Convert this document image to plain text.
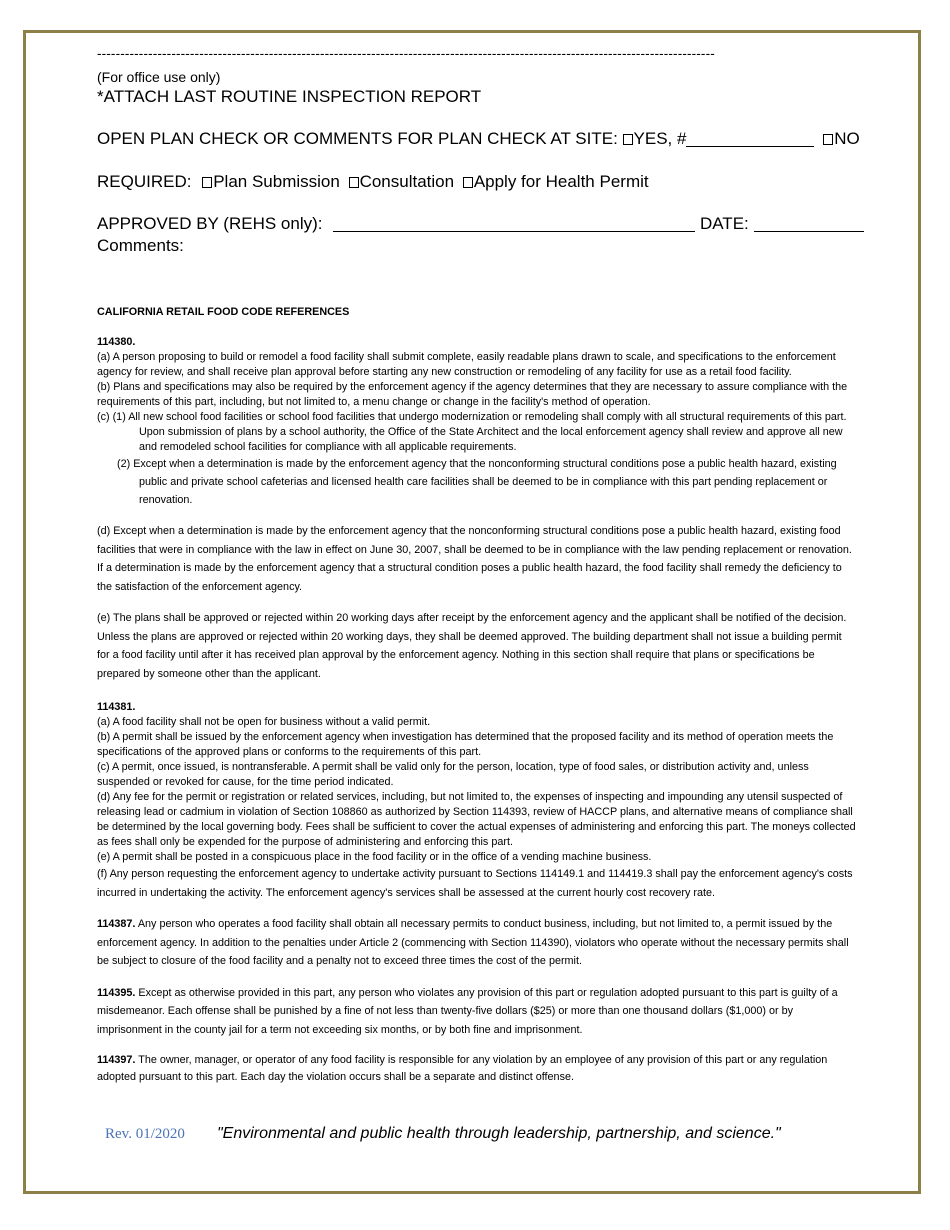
-------------------------------------------------------------------------------------------------------------------------------------
(For office use only)
*ATTACH LAST ROUTINE INSPECTION REPORT
OPEN PLAN CHECK OR COMMENTS FOR PLAN CHECK AT SITE: YES, #	NO
REQUIRED: Plan Submission Consultation Apply for Health Permit
APPROVED BY (REHS only):	DATE:
Comments:
CALIFORNIA RETAIL FOOD CODE REFERENCES
114380.
(a) A person proposing to build or remodel a food facility shall submit complete, easily readable plans drawn to scale, and specifications to the enforcement agency for review, and shall receive plan approval before starting any new construction or remodeling of any facility for use as a retail food facility.
(b) Plans and specifications may also be required by the enforcement agency if the agency determines that they are necessary to assure compliance with the requirements of this part, including, but not limited to, a menu change or change in the facility's method of operation.
(c) (1) All new school food facilities or school food facilities that undergo modernization or remodeling shall comply with all structural requirements of this part. Upon submission of plans by a school authority, the Office of the State Architect and the local enforcement agency shall review and approve all new and remodeled school facilities for compliance with all applicable requirements.
(2) Except when a determination is made by the enforcement agency that the nonconforming structural conditions pose a public health hazard, existing public and private school cafeterias and licensed health care facilities shall be deemed to be in compliance with this part pending replacement or renovation.
(d) Except when a determination is made by the enforcement agency that the nonconforming structural conditions pose a public health hazard, existing food facilities that were in compliance with the law in effect on June 30, 2007, shall be deemed to be in compliance with the law pending replacement or renovation. If a determination is made by the enforcement agency that a structural condition poses a public health hazard, the food facility shall remedy the deficiency to the satisfaction of the enforcement agency.
(e) The plans shall be approved or rejected within 20 working days after receipt by the enforcement agency and the applicant shall be notified of the decision. Unless the plans are approved or rejected within 20 working days, they shall be deemed approved. The building department shall not issue a building permit for a food facility until after it has received plan approval by the enforcement agency. Nothing in this section shall require that plans or specifications be prepared by someone other than the applicant.
114381.
(a) A food facility shall not be open for business without a valid permit.
(b) A permit shall be issued by the enforcement agency when investigation has determined that the proposed facility and its method of operation meets the specifications of the approved plans or conforms to the requirements of this part.
(c) A permit, once issued, is nontransferable. A permit shall be valid only for the person, location, type of food sales, or distribution activity and, unless suspended or revoked for cause, for the time period indicated.
(d) Any fee for the permit or registration or related services, including, but not limited to, the expenses of inspecting and impounding any utensil suspected of releasing lead or cadmium in violation of Section 108860 as authorized by Section 114393, review of HACCP plans, and alternative means of compliance shall be determined by the local governing body. Fees shall be sufficient to cover the actual expenses of administering and enforcing this part. The moneys collected as fees shall only be expended for the purpose of administering and enforcing this part.
(e) A permit shall be posted in a conspicuous place in the food facility or in the office of a vending machine business.
(f) Any person requesting the enforcement agency to undertake activity pursuant to Sections 114149.1 and 114419.3 shall pay the enforcement agency's costs incurred in undertaking the activity. The enforcement agency's services shall be assessed at the current hourly cost recovery rate.
114387. Any person who operates a food facility shall obtain all necessary permits to conduct business, including, but not limited to, a permit issued by the enforcement agency. In addition to the penalties under Article 2 (commencing with Section 114390), violators who operate without the necessary permits shall be subject to closure of the food facility and a penalty not to exceed three times the cost of the permit.
114395. Except as otherwise provided in this part, any person who violates any provision of this part or regulation adopted pursuant to this part is guilty of a misdemeanor. Each offense shall be punished by a fine of not less than twenty-five dollars ($25) or more than one thousand dollars ($1,000) or by imprisonment in the county jail for a term not exceeding six months, or by both fine and imprisonment.
114397. The owner, manager, or operator of any food facility is responsible for any violation by an employee of any provision of this part or any regulation adopted pursuant to this part. Each day the violation occurs shall be a separate and distinct offense.
Rev. 01/2020 "Environmental and public health through leadership, partnership, and science."
